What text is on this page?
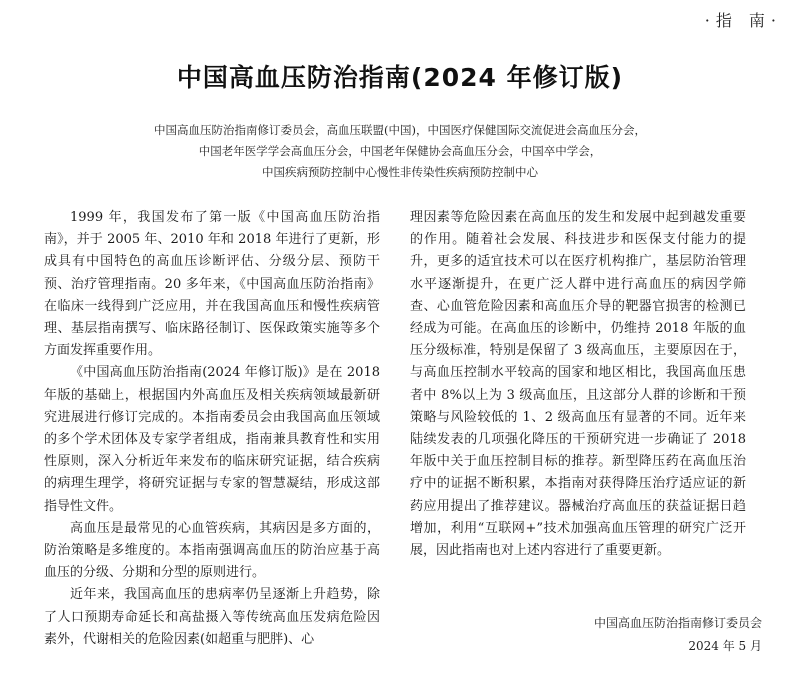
·指 南·
中国高血压防治指南(2024 年修订版)
中国高血压防治指南修订委员会，高血压联盟(中国)，中国医疗保健国际交流促进会高血压分会，
中国老年医学学会高血压分会，中国老年保健协会高血压分会，中国卒中学会，
中国疾病预防控制中心慢性非传染性疾病预防控制中心

1999 年，我国发布了第一版《中国高血压防治指南》，并于 2005 年、2010 年和 2018 年进行了更新，形成具有中国特色的高血压诊断评估、分级分层、预防干预、治疗管理指南。20 多年来，《中国高血压防治指南》在临床一线得到广泛应用，并在我国高血压和慢性疾病管理、基层指南撰写、临床路径制订、医保政策实施等多个方面发挥重要作用。

《中国高血压防治指南(2024 年修订版)》是在 2018 年版的基础上，根据国内外高血压及相关疾病领域最新研究进展进行修订完成的。本指南委员会由我国高血压领域的多个学术团体及专家学者组成，指南兼具教育性和实用性原则，深入分析近年来发布的临床研究证据，结合疾病的病理生理学，将研究证据与专家的智慧凝结，形成这部指导性文件。

高血压是最常见的心血管疾病，其病因是多方面的，防治策略是多维度的。本指南强调高血压的防治应基于高血压的分级、分期和分型的原则进行。

近年来，我国高血压的患病率仍呈逐渐上升趋势，除了人口预期寿命延长和高盐摄入等传统高血压发病危险因素外，代谢相关的危险因素(如超重与肥胖)、心

理因素等危险因素在高血压的发生和发展中起到越发重要的作用。随着社会发展、科技进步和医保支付能力的提升，更多的适宜技术可以在医疗机构推广，基层防治管理水平逐渐提升，在更广泛人群中进行高血压的病因学筛查、心血管危险因素和高血压介导的靶器官损害的检测已经成为可能。在高血压的诊断中，仍维持 2018 年版的血压分级标准，特别是保留了 3 级高血压，主要原因在于，与高血压控制水平较高的国家和地区相比，我国高血压患者中 8%以上为 3 级高血压，且这部分人群的诊断和干预策略与风险较低的 1、2 级高血压有显著的不同。近年来陆续发表的几项强化降压的干预研究进一步确证了 2018 年版中关于血压控制目标的推荐。新型降压药在高血压治疗中的证据不断积累，本指南对获得降压治疗适应证的新药应用提出了推荐建议。器械治疗高血压的获益证据日趋增加，利用“互联网+”技术加强高血压管理的研究广泛开展，因此指南也对上述内容进行了重要更新。

中国高血压防治指南修订委员会
2024 年 5 月
